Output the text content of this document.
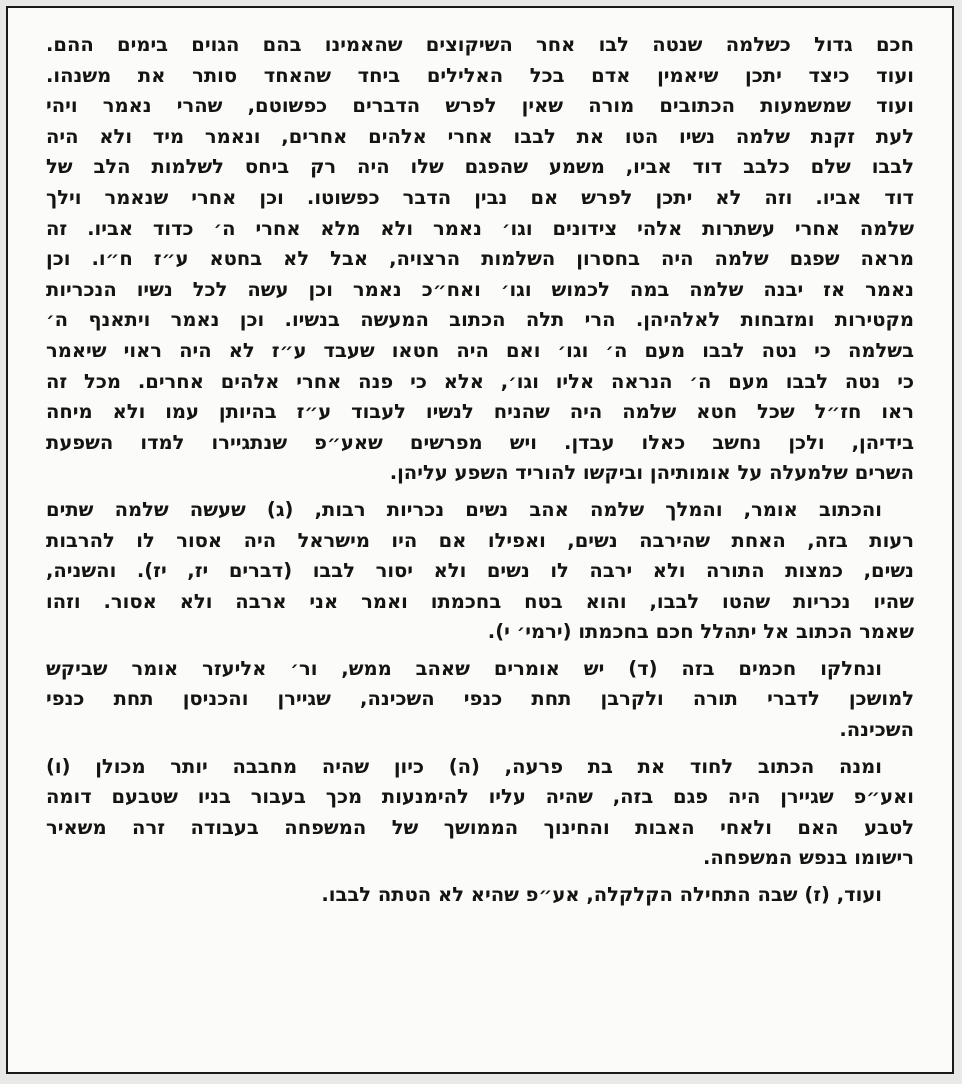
חכם גדול כשלמה שנטה לבו אחר השיקוצים שהאמינו בהם הגוים בימים ההם.
ועוד כיצד יתכן שיאמין אדם בכל האלילים ביחד שהאחד סותר את משנהו.
ועוד שמשמעות הכתובים מורה שאין לפרש הדברים כפשוטם, שהרי נאמר ויהי
לעת זקנת שלמה נשיו הטו את לבבו אחרי אלהים אחרים, ונאמר מיד ולא היה
לבבו שלם כלבב דוד אביו, משמע שהפגם שלו היה רק ביחס לשלמות הלב של
דוד אביו. וזה לא יתכן לפרש אם נבין הדבר כפשוטו. וכן אחרי שנאמר וילך
שלמה אחרי עשתרות אלהי צידונים וגו׳ נאמר ולא מלא אחרי ה׳ כדוד אביו. זה
מראה שפגם שלמה היה בחסרון השלמות הרצויה, אבל לא בחטא ע״ז ח״ו. וכן
נאמר אז יבנה שלמה במה לכמוש וגו׳ ואח״כ נאמר וכן עשה לכל נשיו הנכריות
מקטירות ומזבחות לאלהיהן. הרי תלה הכתוב המעשה בנשיו. וכן נאמר ויתאנף ה׳
בשלמה כי נטה לבבו מעם ה׳ וגו׳ ואם היה חטאו שעבד ע״ז לא היה ראוי שיאמר
כי נטה לבבו מעם ה׳ הנראה אליו וגו׳, אלא כי פנה אחרי אלהים אחרים. מכל זה
ראו חז״ל שכל חטא שלמה היה שהניח לנשיו לעבוד ע״ז בהיותן עמו ולא מיחה
בידיהן, ולכן נחשב כאלו עבדן. ויש מפרשים שאע״פ שנתגיירו למדו השפעת
השרים שלמעלה על אומותיהן וביקשו להוריד השפע עליהן.
והכתוב אומר, והמלך שלמה אהב נשים נכריות רבות, (ג) שעשה שלמה שתים
רעות בזה, האחת שהירבה נשים, ואפילו אם היו מישראל היה אסור לו להרבות
נשים, כמצות התורה ולא ירבה לו נשים ולא יסור לבבו (דברים יז, יז). והשניה,
שהיו נכריות שהטו לבבו, והוא בטח בחכמתו ואמר אני ארבה ולא אסור. וזהו
שאמר הכתוב אל יתהלל חכם בחכמתו (ירמי׳ י).
ונחלקו חכמים בזה (ד) יש אומרים שאהב ממש, ור׳ אליעזר אומר שביקש
למושכן לדברי תורה ולקרבן תחת כנפי השכינה, שגיירן והכניסן תחת כנפי
השכינה.
ומנה הכתוב לחוד את בת פרעה, (ה) כיון שהיה מחבבה יותר מכולן (ו)
ואע״פ שגיירן היה פגם בזה, שהיה עליו להימנעות מכך בעבור בניו שטבעם דומה
לטבע האם ולאחי האבות והחינוך הממושך של המשפחה בעבודה זרה משאיר
רישומו בנפש המשפחה.
ועוד, (ז) שבה התחילה הקלקלה, אע״פ שהיא לא הטתה לבבו.
